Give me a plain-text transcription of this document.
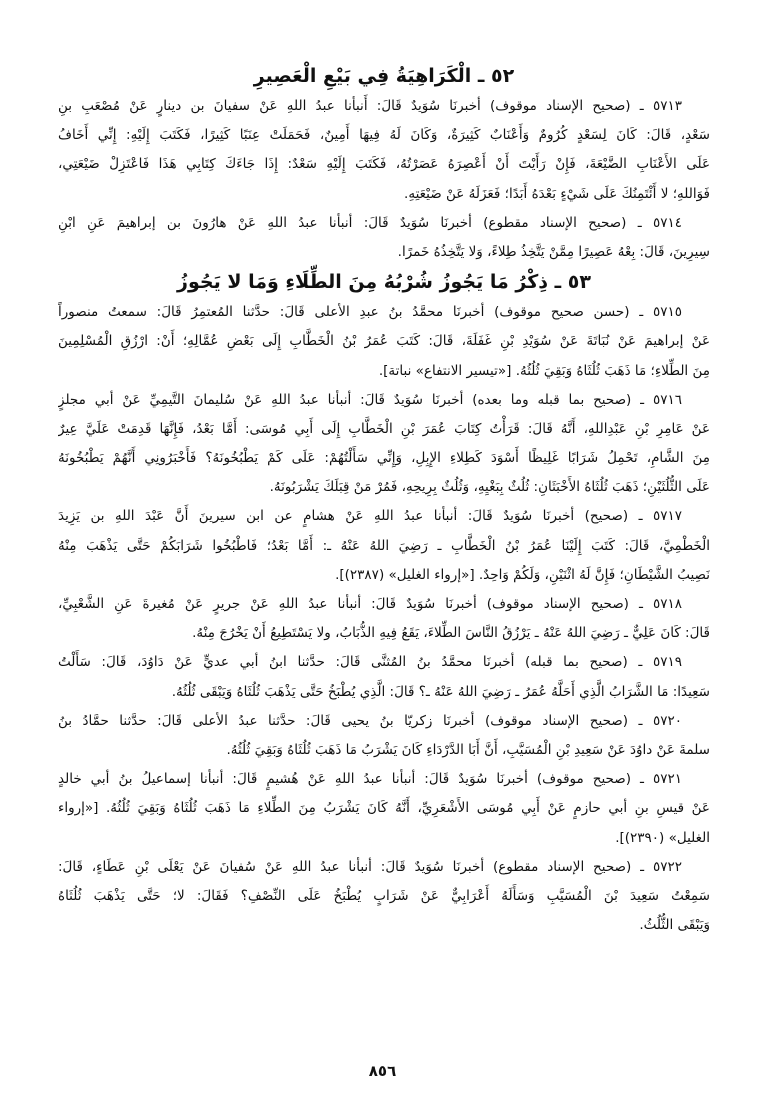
٥٢ ـ الْكَرَاهِيَةُ فِي بَيْعِ الْعَصِيرِ
٥٧١٣ ـ (صحيح الإسناد موقوف) أخبرنَا سُوَيدٌ قَالَ: أَنبأنا عبدُ اللهِ عَنْ سفيانَ بن دينارٍ عَنْ مُصْعَبِ بنِ
سَعْدٍ، قَالَ: كَانَ لِسَعْدٍ كُرُومٌ وَأَعْنَابٌ كَثِيرَةٌ، وَكَانَ لَهُ فِيهَا أَمِينٌ، فَحَمَلَتْ عِنَبًا كَثِيرًا، فَكَتَبَ إِلَيْهِ: إِنِّي أَخَافُ
عَلَى الأَعْنَابِ الضَّيْعَةَ، فَإِنْ رَأَيْتَ أَنْ أَعْصِرَهُ عَصَرْتُهُ، فَكَتَبَ إِلَيْهِ سَعْدٌ: إِذَا جَاءَكَ كِتَابِي هَذَا فَاعْتَزِلْ ضَيْعَتِي،
فَوَاللهِ؛ لا أَئْتَمِنُكَ عَلَى شَيْءٍ بَعْدَهُ أَبَدًا؛ فَعَزَلَهُ عَنْ ضَيْعَتِهِ.
٥٧١٤ ـ (صحيح الإسناد مقطوع) أخبرنَا سُوَيدٌ قَالَ: أنبأنا عبدُ اللهِ عَنْ هارُونَ بن إبراهيمَ عَنِ ابْنِ
سِيرِينَ، قَالَ: بِعْهُ عَصِيرًا مِمَّنْ يَتَّخِذُ طِلاءً، وَلا يَتَّخِذُهُ خَمرًا.
٥٣ ـ ذِكْرُ مَا يَجُوزُ شُرْبُهُ مِنَ الطِّلَاءِ وَمَا لا يَجُوزُ
٥٧١٥ ـ (حسن صحيح موقوف) أخبرنَا محمَّدُ بنُ عبدِ الأعلى قَالَ: حدَّثنا المُعتمِرُ قَالَ: سمعتُ منصوراً
عَنْ إبراهيمَ عَنْ نُبَاتَةَ عَنْ سُوَيْدِ بْنِ غَفَلَةَ، قَالَ: كَتَبَ عُمَرُ بْنُ الْخَطَّابِ إِلَى بَعْضِ عُمَّالِهِ؛ أَنْ: ارْزُقِ الْمُسْلِمِينَ
مِنَ الطِّلاءِ؛ مَا ذَهَبَ ثُلُثَاهُ وَبَقِيَ ثُلُثُهُ. [«تيسير الانتفاع» نباتة].
٥٧١٦ ـ (صحيح بما قبله وما بعده) أخبرنَا سُوَيدٌ قَالَ: أنبأنا عبدُ اللهِ عَنْ سُليمانَ التَّيمِيِّ عَنْ أبي مجلزٍ
عَنْ عَامِرِ بْنِ عَبْدِاللهِ، أَنَّهُ قَالَ: قَرَأْتُ كِتَابَ عُمَرَ بْنِ الْخَطَّابِ إِلَى أَبِي مُوسَى: أَمَّا بَعْدُ، فَإِنَّهَا قَدِمَتْ عَلَيَّ عِيرٌ
مِنَ الشَّامِ، تَحْمِلُ شَرَابًا غَلِيظًا أَسْوَدَ كَطِلاءِ الإِبِلِ، وَإِنِّي سَأَلْتُهُمْ: عَلَى كَمْ يَطْبُخُونَهُ؟ فَأَخْبَرُونِي أَنَّهُمْ يَطْبُخُونَهُ
عَلَى الثُّلُثَيْنِ؛ ذَهَبَ ثُلُثَاهُ الأَخْبَثَانِ: ثُلُثٌ بِبَغْيِهِ، وَثُلُثٌ بِرِيحِهِ، فَمُرْ مَنْ قِبَلَكَ يَشْرَبُونَهُ.
٥٧١٧ ـ (صحيح) أخبرنَا سُوَيدٌ قَالَ: أنبأنا عبدُ اللهِ عَنْ هشامٍ عن ابن سيرينَ أَنَّ عَبْدَ اللهِ بن يَزِيدَ
الْخَطْمِيَّ، قَالَ: كَتَبَ إِلَيْنَا عُمَرُ بْنُ الْخَطَّابِ ـ رَضِيَ اللهُ عَنْهُ ـ: أَمَّا بَعْدُ؛ فَاطْبُخُوا شَرَابَكُمْ حَتَّى يَذْهَبَ مِنْهُ
نَصِيبُ الشَّيْطَانِ؛ فَإِنَّ لَهُ اثْنَيْنِ، وَلَكُمْ وَاحِدٌ. [«إرواء الغليل» (٢٣٨٧)].
٥٧١٨ ـ (صحيح الإسناد موقوف) أخبرنَا سُوَيدٌ قَالَ: أنبأنا عبدُ اللهِ عَنْ جريرٍ عَنْ مُغيرةَ عَنِ الشَّعْبِيِّ،
قَالَ: كَانَ عَلِيٌّ ـ رَضِيَ اللهُ عَنْهُ ـ يَرْزُقُ النَّاسَ الطِّلاءَ، يَقَعُ فِيهِ الذُّبَابُ، ولا يَسْتَطِيعُ أَنْ يَخْرُجَ مِنْهُ.
٥٧١٩ ـ (صحيح بما قبله) أخبرنَا محمَّدُ بنُ المُثنَّى قَالَ: حدَّثنا ابنُ أبي عديٍّ عَنْ دَاوُدَ، قَالَ: سَأَلْتُ
سَعِيدًا: مَا الشَّرَابُ الَّذِي أَحَلَّهُ عُمَرُ ـ رَضِيَ اللهُ عَنْهُ ـ؟ قَالَ: الَّذِي يُطْبَخُ حَتَّى يَذْهَبَ ثُلُثَاهُ وَيَبْقَى ثُلُثُهُ.
٥٧٢٠ ـ (صحيح الإسناد موقوف) أخبرنَا زكريّا بنُ يحيى قَالَ: حدَّثنا عبدُ الأعلى قَالَ: حدَّثنا حمَّادُ بنُ
سلمةَ عَنْ داوُدَ عَنْ سَعِيدِ بْنِ الْمُسَيَّبِ، أَنَّ أَبَا الدَّرْدَاءِ كَانَ يَشْرَبُ مَا ذَهَبَ ثُلُثَاهُ وَبَقِيَ ثُلُثُهُ.
٥٧٢١ ـ (صحيح موقوف) أخبرنَا سُوَيدٌ قَالَ: أنبأنا عبدُ اللهِ عَنْ هُشيمٍ قَالَ: أنبأنا إسماعيلُ بنُ أبي خالدٍ
عَنْ قيسِ بنِ أبي حازمٍ عَنْ أَبِي مُوسَى الأَشْعَرِيِّ، أَنَّهُ كَانَ يَشْرَبُ مِنَ الطِّلاءِ مَا ذَهَبَ ثُلُثَاهُ وَبَقِيَ ثُلُثُهُ. [«إرواء
الغليل» (٢٣٩٠)].
٥٧٢٢ ـ (صحيح الإسناد مقطوع) أخبرنَا سُوَيدٌ قَالَ: أنبأنا عبدُ اللهِ عَنْ سُفيانَ عَنْ يَعْلَى بْنِ عَطَاءٍ، قَالَ:
سَمِعْتُ سَعِيدَ بْنَ الْمُسَيَّبِ وَسَأَلَهُ أَعْرَابِيٌّ عَنْ شَرَابٍ يُطْبَخُ عَلَى النِّصْفِ؟ فَقَالَ: لا؛ حَتَّى يَذْهَبَ ثُلُثَاهُ
وَيَبْقَى الثُّلُثُ.
٨٥٦
